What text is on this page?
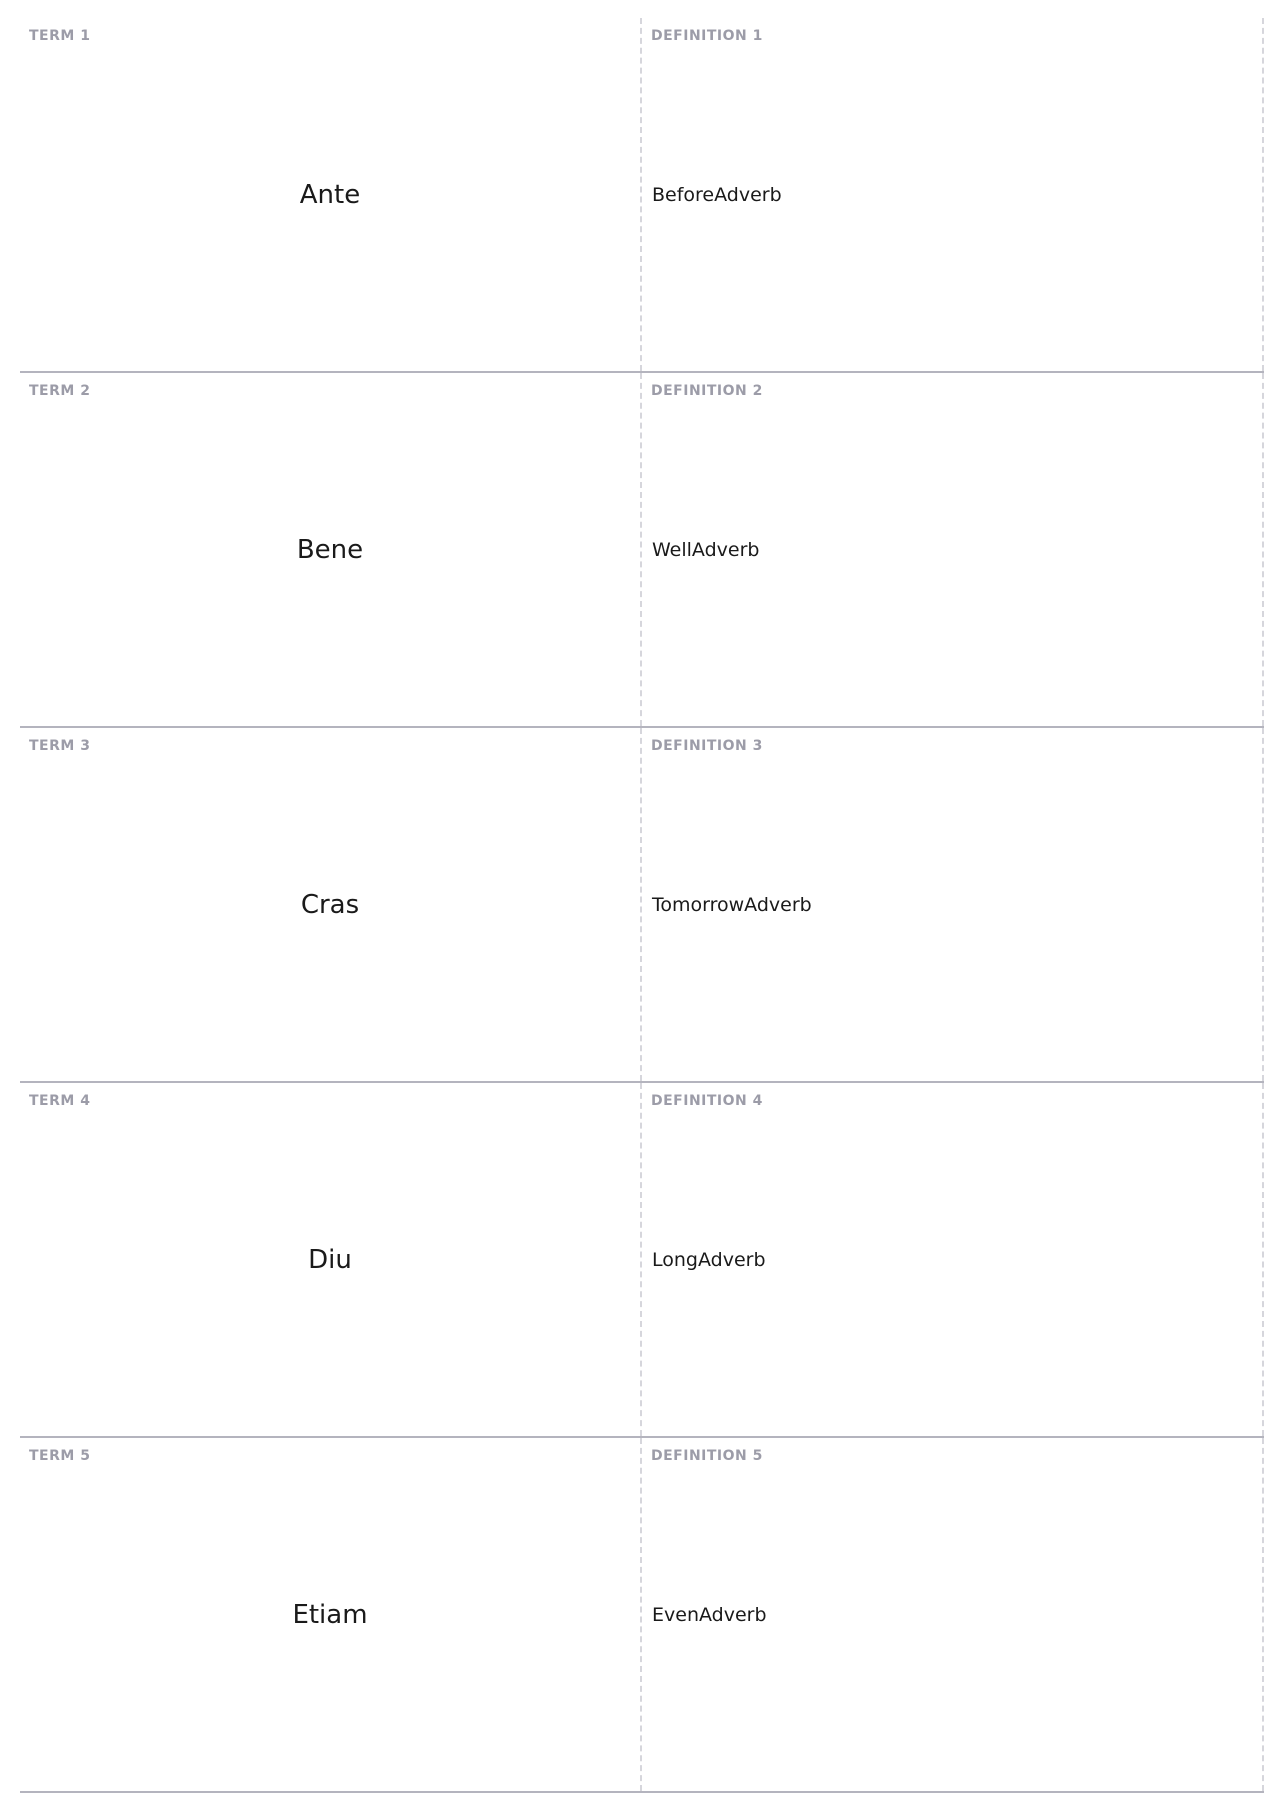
TERM 1
Ante
DEFINITION 1
BeforeAdverb
TERM 2
Bene
DEFINITION 2
WellAdverb
TERM 3
Cras
DEFINITION 3
TomorrowAdverb
TERM 4
Diu
DEFINITION 4
LongAdverb
TERM 5
Etiam
DEFINITION 5
EvenAdverb
